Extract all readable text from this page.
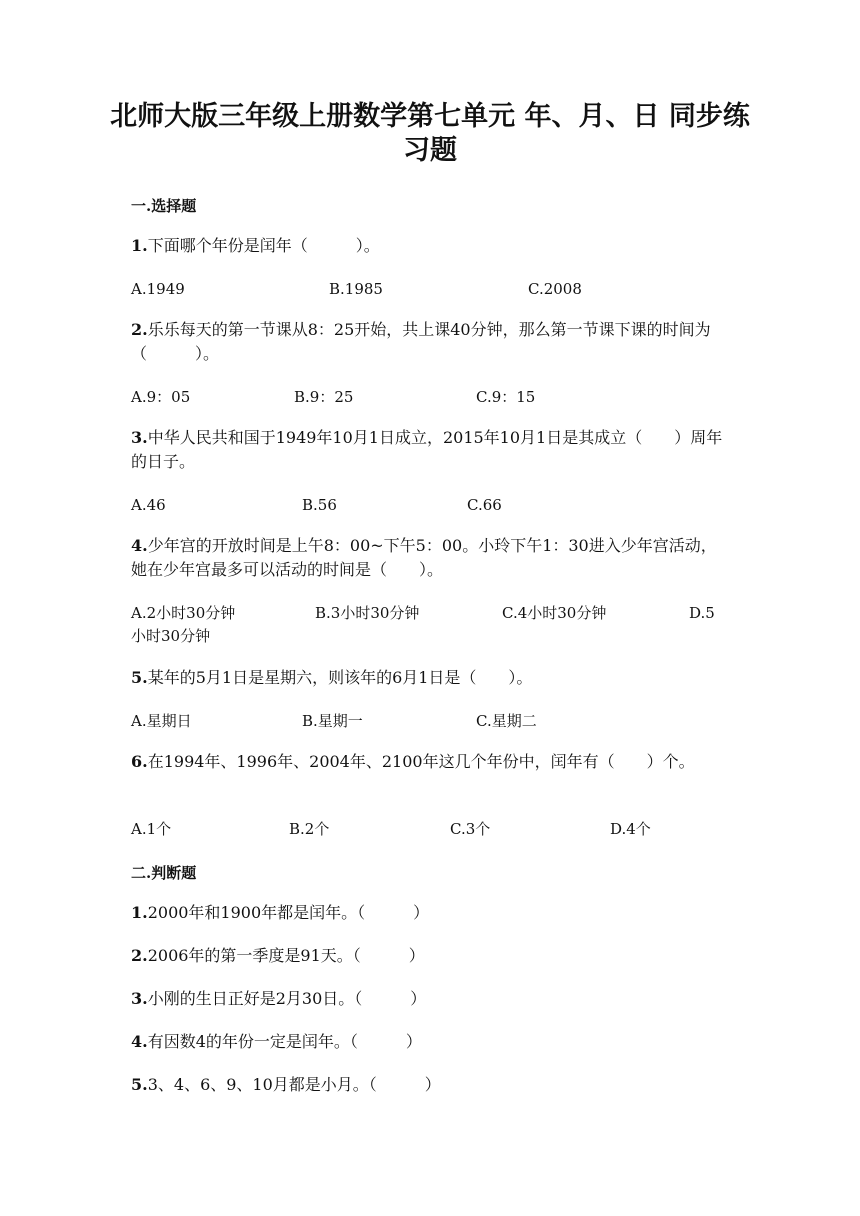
北师大版三年级上册数学第七单元 年、月、日 同步练习题
一.选择题
1.下面哪个年份是闰年（　　　）。
A.1949	B.1985	C.2008
2.乐乐每天的第一节课从8：25开始，共上课40分钟，那么第一节课下课的时间为（　　　）。
A.9：05	B.9：25	C.9：15
3.中华人民共和国于1949年10月1日成立，2015年10月1日是其成立（　　）周年的日子。
A.46	B.56	C.66
4.少年宫的开放时间是上午8：00~下午5：00。小玲下午1：30进入少年宫活动，她在少年宫最多可以活动的时间是（　　）。
A.2小时30分钟	B.3小时30分钟	C.4小时30分钟	D.5
小时30分钟
5.某年的5月1日是星期六，则该年的6月1日是（　　）。
A.星期日	B.星期一	C.星期二
6.在1994年、1996年、2004年、2100年这几个年份中，闰年有（　　）个。
A.1个	B.2个	C.3个	D.4个
二.判断题
1.2000年和1900年都是闰年。（　　　）
2.2006年的第一季度是91天。（　　　）
3.小刚的生日正好是2月30日。（　　　）
4.有因数4的年份一定是闰年。（　　　）
5.3、4、6、9、10月都是小月。（　　　）
